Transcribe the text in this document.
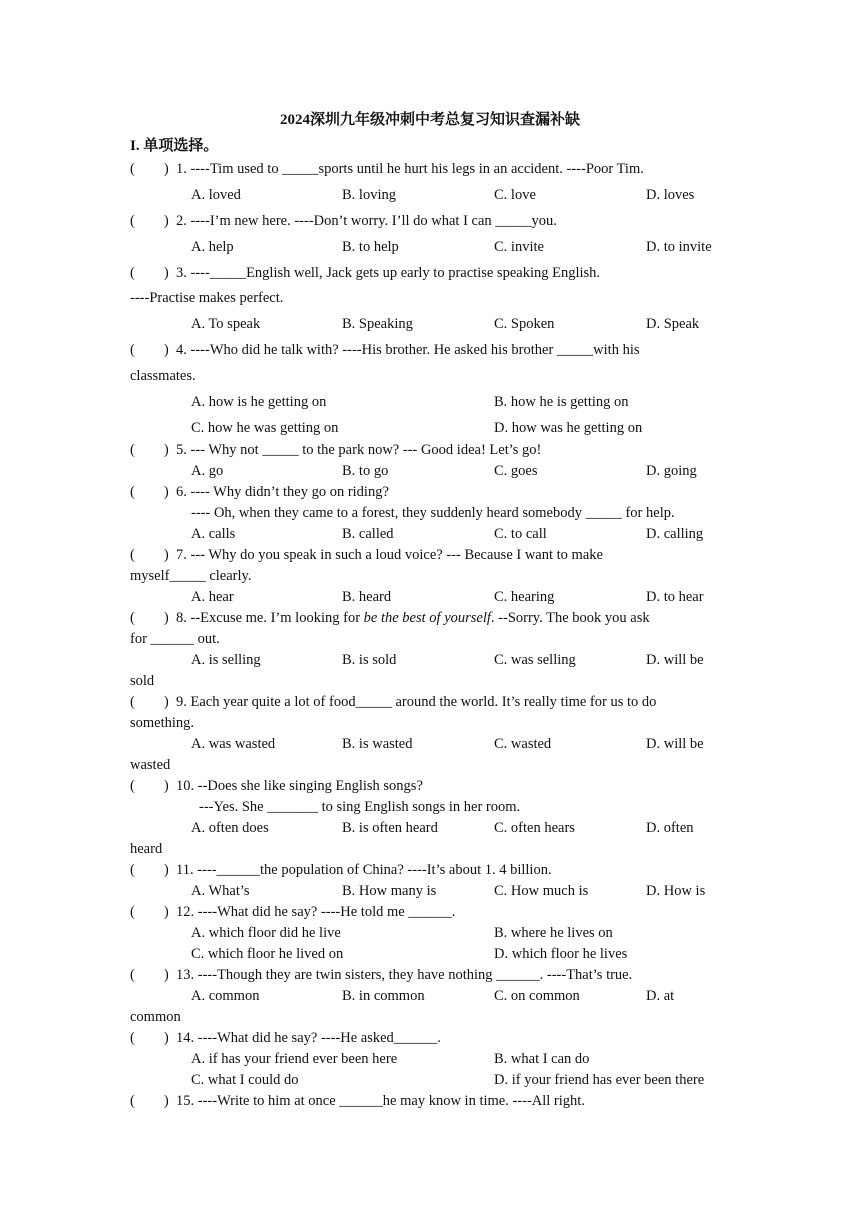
2024深圳九年级冲刺中考总复习知识查漏补缺
I. 单项选择。
(        ) 1. ----Tim used to _____sports until he hurt his legs in an accident. ----Poor Tim.
A. loved	B. loving	C. love	D. loves
(        ) 2. ----I’m new here. ----Don’t worry. I’ll do what I can _____you.
A. help	B. to help	C. invite	D. to invite
(        ) 3. ----_____English well, Jack gets up early to practise speaking English.
----Practise makes perfect.
A. To speak	B. Speaking	C. Spoken	D. Speak
(        ) 4. ----Who did he talk with? ----His brother. He asked his brother _____with his
classmates.
A. how is he getting on	B. how he is getting on
C. how he was getting on	D. how was he getting on
(        ) 5. --- Why not _____ to the park now? --- Good idea! Let’s go!
A. go	B. to go	C. goes	D. going
(        ) 6. ---- Why didn’t they go on riding?
---- Oh, when they came to a forest, they suddenly heard somebody _____ for help.
A. calls	B. called	C. to call	D. calling
(        ) 7. --- Why do you speak in such a loud voice? --- Because I want to make
myself_____ clearly.
A. hear	B. heard	C. hearing	D. to hear
(        ) 8. --Excuse me. I’m looking for be the best of yourself. --Sorry. The book you ask
for ______ out.
A. is selling	B. is sold	C. was selling	D. will be
sold
(        ) 9. Each year quite a lot of food_____ around the world. It’s really time for us to do
something.
A. was wasted	B. is wasted	C. wasted	D. will be
wasted
(        ) 10. --Does she like singing English songs?
---Yes. She _______ to sing English songs in her room.
A. often does	B. is often heard	C. often hears	D. often
heard
(        ) 11. ----______the population of China? ----It’s about 1. 4 billion.
A. What’s	B. How many is	C. How much is	D. How is
(        ) 12. ----What did he say? ----He told me ______.
A. which floor did he live	B. where he lives on
C. which floor he lived on	D. which floor he lives
(        ) 13. ----Though they are twin sisters, they have nothing ______. ----That’s true.
A. common	B. in common	C. on common	D. at
common
(        ) 14. ----What did he say? ----He asked______.
A. if has your friend ever been here	B. what I can do
C. what I could do	D. if your friend has ever been there
(        ) 15. ----Write to him at once ______he may know in time. ----All right.
